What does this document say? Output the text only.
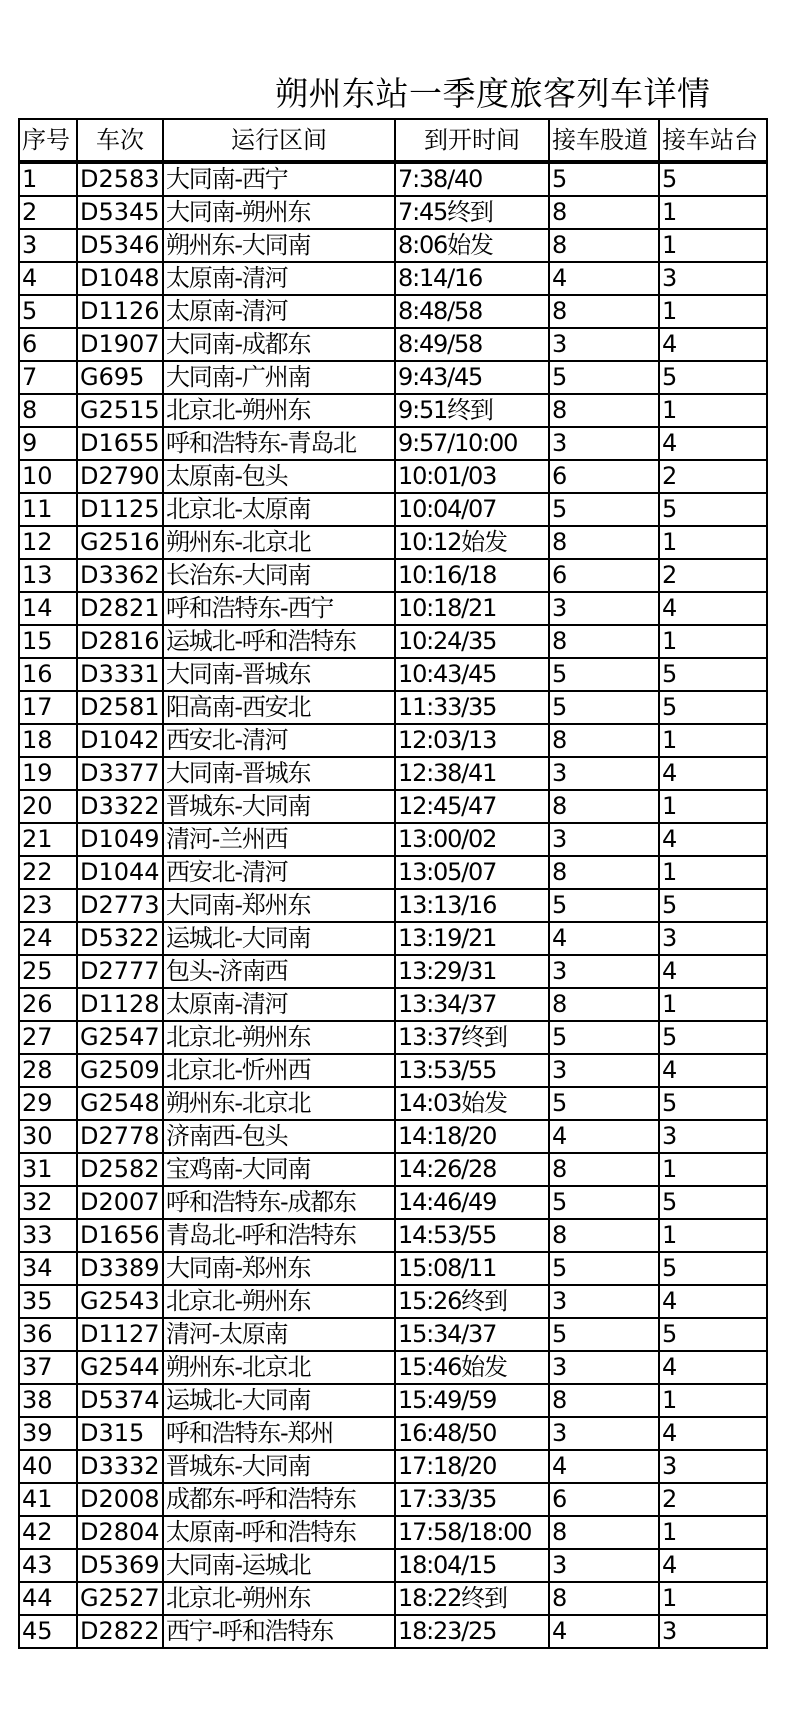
朔州东站一季度旅客列车详情
序号	车次	运行区间	到开时间	接车股道	接车站台
1	D2583	大同南-西宁	7:38/40	5	5
2	D5345	大同南-朔州东	7:45终到	8	1
3	D5346	朔州东-大同南	8:06始发	8	1
4	D1048	太原南-清河	8:14/16	4	3
5	D1126	太原南-清河	8:48/58	8	1
6	D1907	大同南-成都东	8:49/58	3	4
7	G695	大同南-广州南	9:43/45	5	5
8	G2515	北京北-朔州东	9:51终到	8	1
9	D1655	呼和浩特东-青岛北	9:57/10:00	3	4
10	D2790	太原南-包头	10:01/03	6	2
11	D1125	北京北-太原南	10:04/07	5	5
12	G2516	朔州东-北京北	10:12始发	8	1
13	D3362	长治东-大同南	10:16/18	6	2
14	D2821	呼和浩特东-西宁	10:18/21	3	4
15	D2816	运城北-呼和浩特东	10:24/35	8	1
16	D3331	大同南-晋城东	10:43/45	5	5
17	D2581	阳高南-西安北	11:33/35	5	5
18	D1042	西安北-清河	12:03/13	8	1
19	D3377	大同南-晋城东	12:38/41	3	4
20	D3322	晋城东-大同南	12:45/47	8	1
21	D1049	清河-兰州西	13:00/02	3	4
22	D1044	西安北-清河	13:05/07	8	1
23	D2773	大同南-郑州东	13:13/16	5	5
24	D5322	运城北-大同南	13:19/21	4	3
25	D2777	包头-济南西	13:29/31	3	4
26	D1128	太原南-清河	13:34/37	8	1
27	G2547	北京北-朔州东	13:37终到	5	5
28	G2509	北京北-忻州西	13:53/55	3	4
29	G2548	朔州东-北京北	14:03始发	5	5
30	D2778	济南西-包头	14:18/20	4	3
31	D2582	宝鸡南-大同南	14:26/28	8	1
32	D2007	呼和浩特东-成都东	14:46/49	5	5
33	D1656	青岛北-呼和浩特东	14:53/55	8	1
34	D3389	大同南-郑州东	15:08/11	5	5
35	G2543	北京北-朔州东	15:26终到	3	4
36	D1127	清河-太原南	15:34/37	5	5
37	G2544	朔州东-北京北	15:46始发	3	4
38	D5374	运城北-大同南	15:49/59	8	1
39	D315	呼和浩特东-郑州	16:48/50	3	4
40	D3332	晋城东-大同南	17:18/20	4	3
41	D2008	成都东-呼和浩特东	17:33/35	6	2
42	D2804	太原南-呼和浩特东	17:58/18:00	8	1
43	D5369	大同南-运城北	18:04/15	3	4
44	G2527	北京北-朔州东	18:22终到	8	1
45	D2822	西宁-呼和浩特东	18:23/25	4	3
